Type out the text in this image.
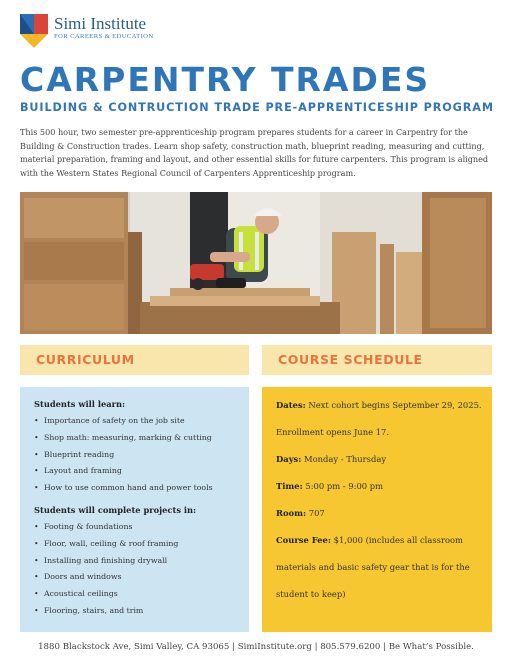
Simi Institute
FOR CAREERS & EDUCATION
CARPENTRY TRADES
BUILDING & CONTRUCTION TRADE PRE-APPRENTICESHIP PROGRAM

This 500 hour, two semester pre-apprenticeship program prepares students for a career in Carpentry for the Building & Construction trades. Learn shop safety, construction math, blueprint reading, measuring and cutting, material preparation, framing and layout, and other essential skills for future carpenters. This program is aligned with the Western States Regional Council of Carpenters Apprenticeship program.

CURRICULUM	COURSE SCHEDULE
Students will learn:
• Importance of safety on the job site
• Shop math: measuring, marking & cutting
• Blueprint reading
• Layout and framing
• How to use common hand and power tools
Students will complete projects in:
• Footing & foundations
• Floor, wall, ceiling & roof framing
• Installing and finishing drywall
• Doors and windows
• Acoustical ceilings
• Flooring, stairs, and trim

Dates: Next cohort begins September 29, 2025. Enrollment opens June 17.

Days: Monday - Thursday

Time: 5:00 pm - 9:00 pm

Room: 707

Course Fee: $1,000 (includes all classroom materials and basic safety gear that is for the student to keep)

1880 Blackstock Ave, Simi Valley, CA 93065 | SimiInstitute.org | 805.579.6200 | Be What’s Possible.
